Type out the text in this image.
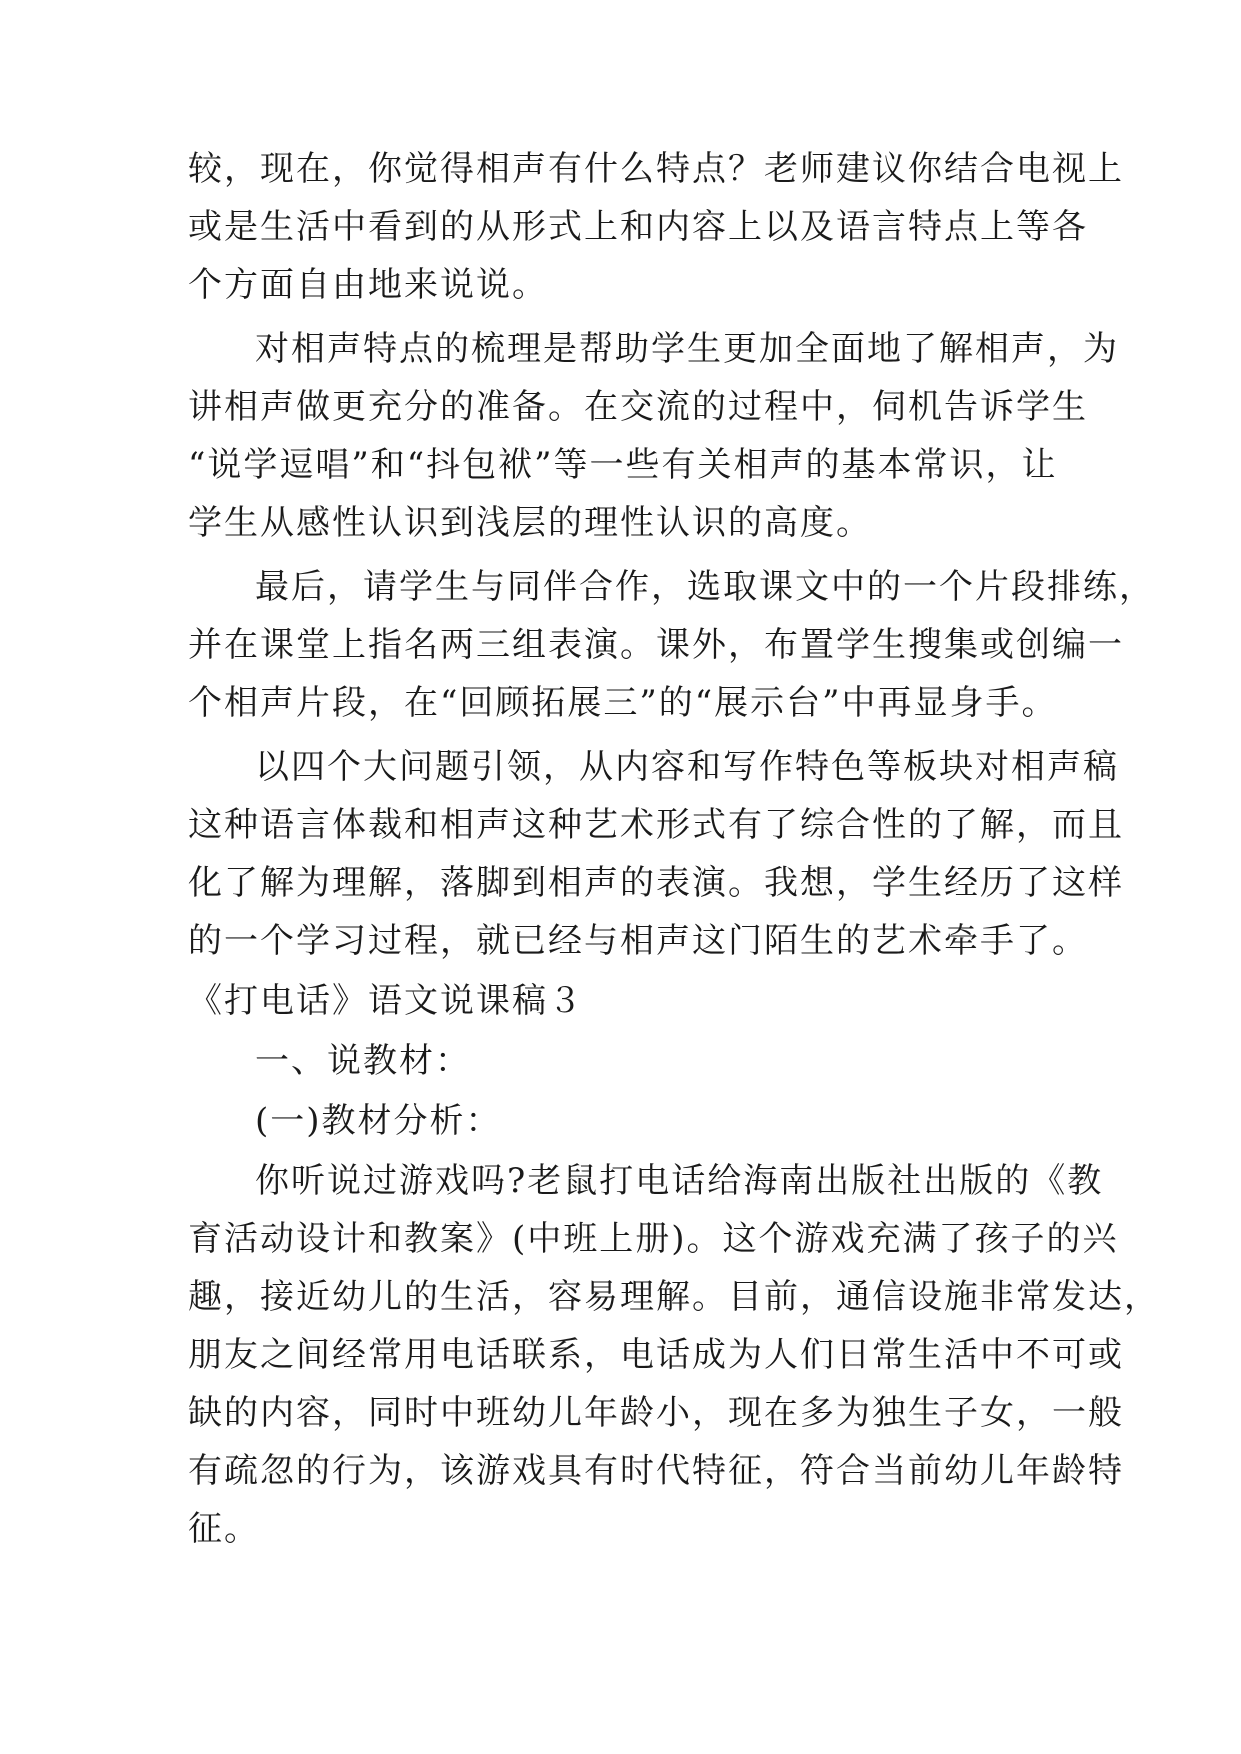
较，现在，你觉得相声有什么特点？老师建议你结合电视上
或是生活中看到的从形式上和内容上以及语言特点上等各
个方面自由地来说说。
对相声特点的梳理是帮助学生更加全面地了解相声，为
讲相声做更充分的准备。在交流的过程中，伺机告诉学生
“说学逗唱”和“抖包袱”等一些有关相声的基本常识，让
学生从感性认识到浅层的理性认识的高度。
最后，请学生与同伴合作，选取课文中的一个片段排练，
并在课堂上指名两三组表演。课外，布置学生搜集或创编一
个相声片段，在“回顾拓展三”的“展示台”中再显身手。
以四个大问题引领，从内容和写作特色等板块对相声稿
这种语言体裁和相声这种艺术形式有了综合性的了解，而且
化了解为理解，落脚到相声的表演。我想，学生经历了这样
的一个学习过程，就已经与相声这门陌生的艺术牵手了。
《打电话》语文说课稿３
一、说教材：
(一)教材分析：
你听说过游戏吗?老鼠打电话给海南出版社出版的《教
育活动设计和教案》(中班上册)。这个游戏充满了孩子的兴
趣，接近幼儿的生活，容易理解。目前，通信设施非常发达，
朋友之间经常用电话联系，电话成为人们日常生活中不可或
缺的内容，同时中班幼儿年龄小，现在多为独生子女，一般
有疏忽的行为，该游戏具有时代特征，符合当前幼儿年龄特
征。
